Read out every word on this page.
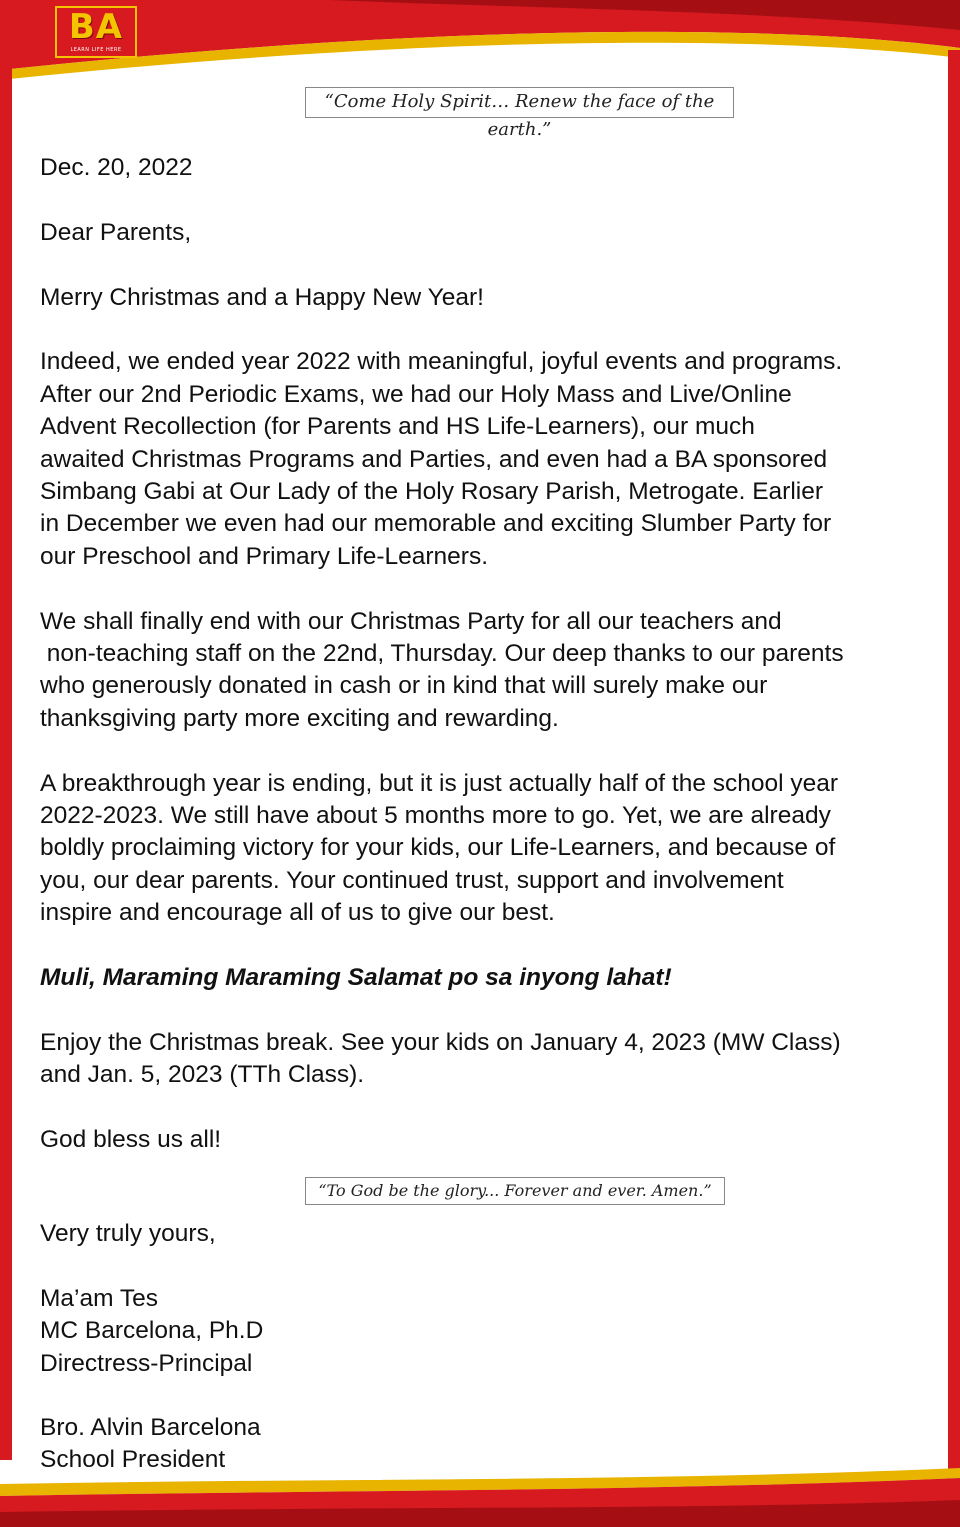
BA
LEARN LIFE HERE
“Come Holy Spirit… Renew the face of the earth.”

Dec. 20, 2022

Dear Parents,

Merry Christmas and a Happy New Year!

Indeed, we ended year 2022 with meaningful, joyful events and programs.
After our 2nd Periodic Exams, we had our Holy Mass and Live/Online
Advent Recollection (for Parents and HS Life-Learners), our much
awaited Christmas Programs and Parties, and even had a BA sponsored
Simbang Gabi at Our Lady of the Holy Rosary Parish, Metrogate. Earlier
in December we even had our memorable and exciting Slumber Party for
our Preschool and Primary Life-Learners.

We shall finally end with our Christmas Party for all our teachers and
non-teaching staff on the 22nd, Thursday. Our deep thanks to our parents
who generously donated in cash or in kind that will surely make our
thanksgiving party more exciting and rewarding.

A breakthrough year is ending, but it is just actually half of the school year
2022-2023. We still have about 5 months more to go. Yet, we are already
boldly proclaiming victory for your kids, our Life-Learners, and because of
you, our dear parents. Your continued trust, support and involvement
inspire and encourage all of us to give our best.

Muli, Maraming Maraming Salamat po sa inyong lahat!

Enjoy the Christmas break. See your kids on January 4, 2023 (MW Class)
and Jan. 5, 2023 (TTh Class).

God bless us all!

“To God be the glory... Forever and ever. Amen.”
Very truly yours,
Ma’am Tes
MC Barcelona, Ph.D
Directress-Principal
Bro. Alvin Barcelona
School President
